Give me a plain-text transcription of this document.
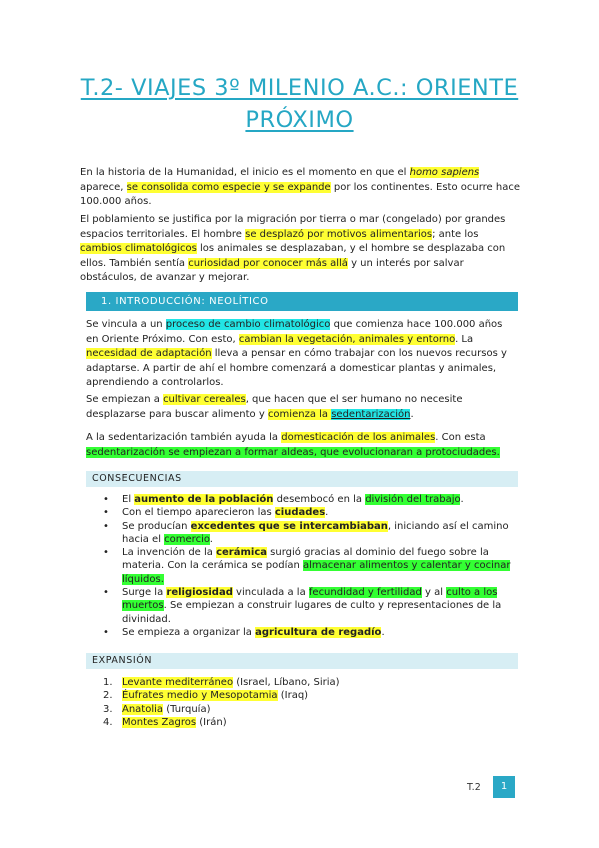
T.2- VIAJES 3º MILENIO A.C.: ORIENTE
PRÓXIMO
En la historia de la Humanidad, el inicio es el momento en que el homo sapiens aparece, se consolida como especie y se expande por los continentes. Esto ocurre hace 100.000 años.
El poblamiento se justifica por la migración por tierra o mar (congelado) por grandes espacios territoriales. El hombre se desplazó por motivos alimentarios; ante los cambios climatológicos los animales se desplazaban, y el hombre se desplazaba con ellos. También sentía curiosidad por conocer más allá y un interés por salvar obstáculos, de avanzar y mejorar.
1. INTRODUCCIÓN: NEOLÍTICO
Se vincula a un proceso de cambio climatológico que comienza hace 100.000 años en Oriente Próximo. Con esto, cambian la vegetación, animales y entorno. La necesidad de adaptación lleva a pensar en cómo trabajar con los nuevos recursos y adaptarse. A partir de ahí el hombre comenzará a domesticar plantas y animales, aprendiendo a controlarlos.
Se empiezan a cultivar cereales, que hacen que el ser humano no necesite desplazarse para buscar alimento y comienza la sedentarización.
A la sedentarización también ayuda la domesticación de los animales. Con esta sedentarización se empiezan a formar aldeas, que evolucionaran a protociudades.
CONSECUENCIAS
• El aumento de la población desembocó en la división del trabajo.
• Con el tiempo aparecieron las ciudades.
• Se producían excedentes que se intercambiaban, iniciando así el camino hacia el comercio.
• La invención de la cerámica surgió gracias al dominio del fuego sobre la materia. Con la cerámica se podían almacenar alimentos y calentar y cocinar líquidos.
• Surge la religiosidad vinculada a la fecundidad y fertilidad y al culto a los muertos. Se empiezan a construir lugares de culto y representaciones de la divinidad.
• Se empieza a organizar la agricultura de regadío.
EXPANSIÓN
1. Levante mediterráneo (Israel, Líbano, Siria)
2. Éufrates medio y Mesopotamia (Iraq)
3. Anatolia (Turquía)
4. Montes Zagros (Irán)
T.2	1
